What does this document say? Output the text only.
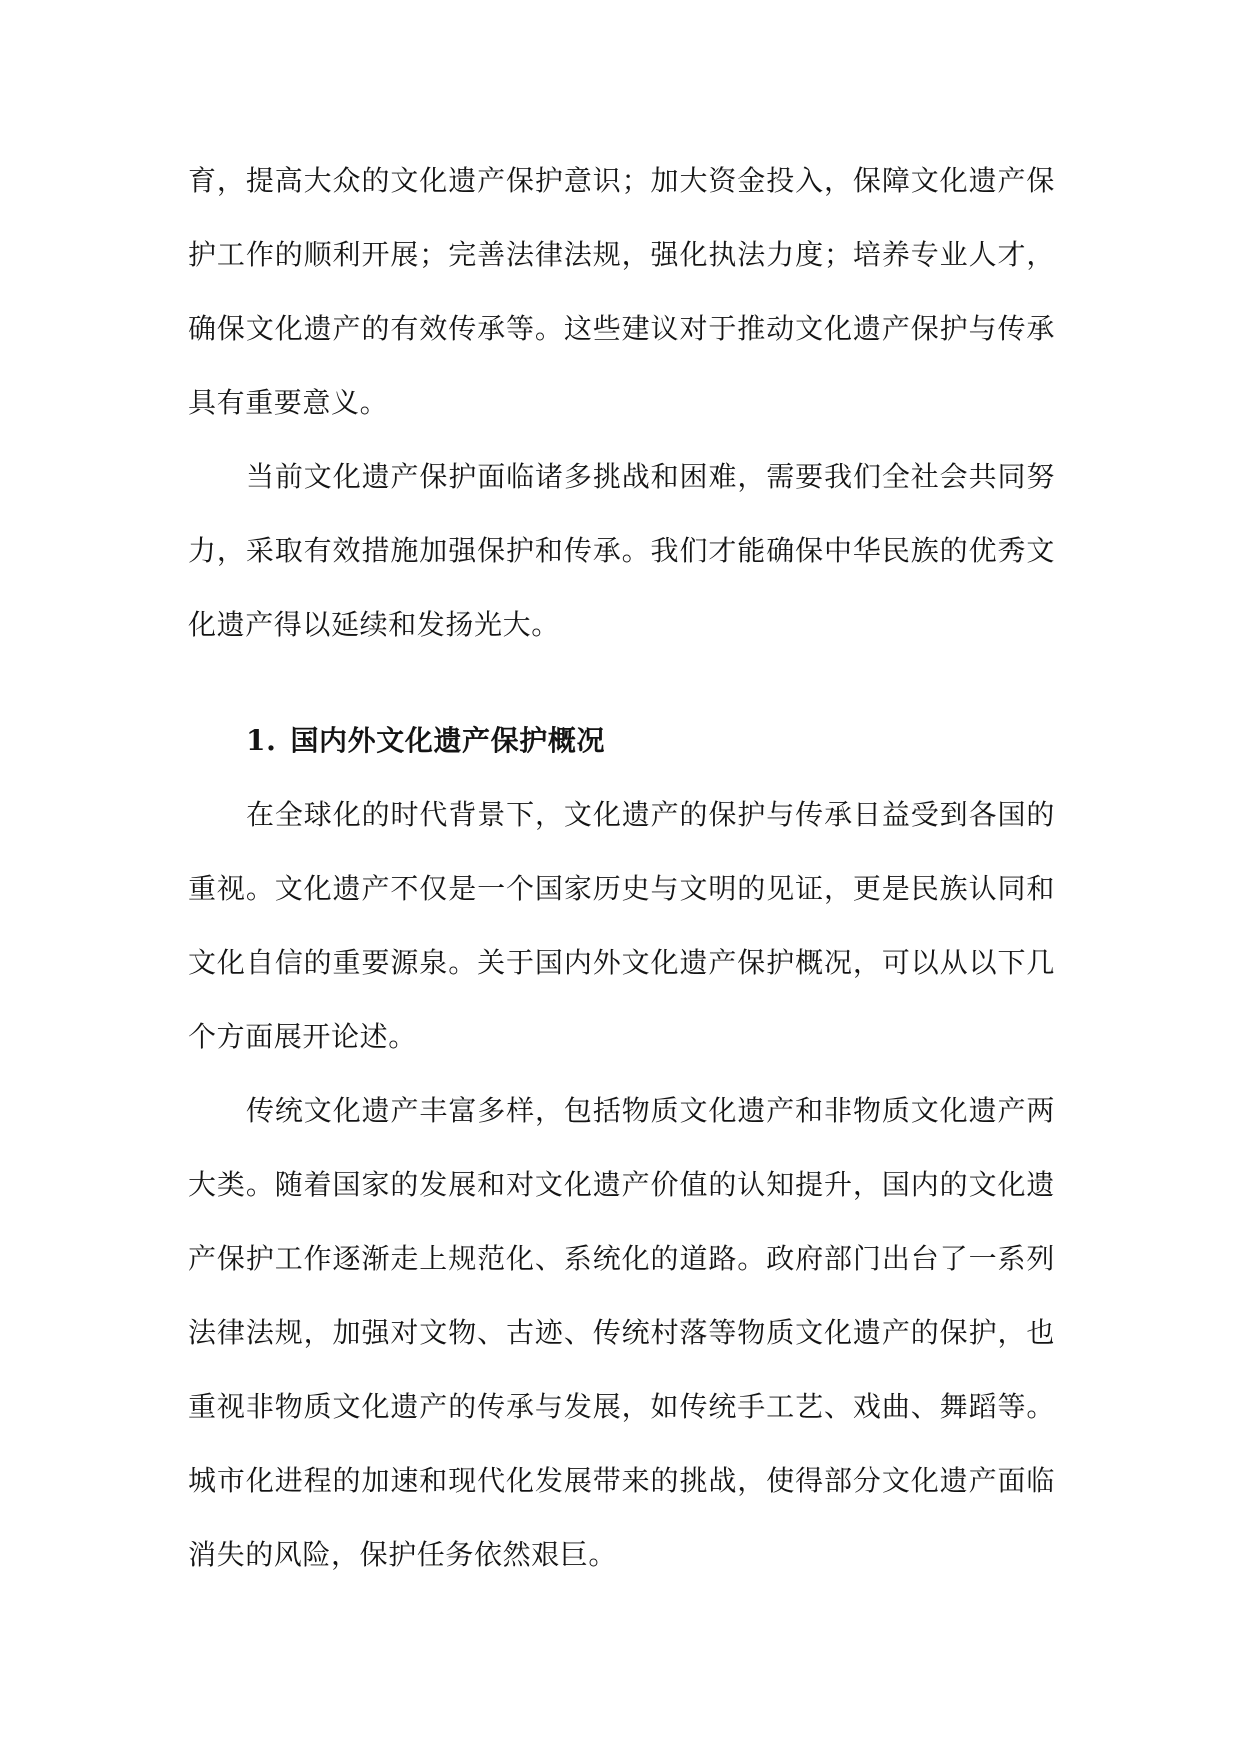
育，提高大众的文化遗产保护意识；加大资金投入，保障文化遗产保护工作的顺利开展；完善法律法规，强化执法力度；培养专业人才，确保文化遗产的有效传承等。这些建议对于推动文化遗产保护与传承具有重要意义。

当前文化遗产保护面临诸多挑战和困难，需要我们全社会共同努力，采取有效措施加强保护和传承。我们才能确保中华民族的优秀文化遗产得以延续和发扬光大。

1. 国内外文化遗产保护概况

在全球化的时代背景下，文化遗产的保护与传承日益受到各国的重视。文化遗产不仅是一个国家历史与文明的见证，更是民族认同和文化自信的重要源泉。关于国内外文化遗产保护概况，可以从以下几个方面展开论述。

传统文化遗产丰富多样，包括物质文化遗产和非物质文化遗产两大类。随着国家的发展和对文化遗产价值的认知提升，国内的文化遗产保护工作逐渐走上规范化、系统化的道路。政府部门出台了一系列法律法规，加强对文物、古迹、传统村落等物质文化遗产的保护，也重视非物质文化遗产的传承与发展，如传统手工艺、戏曲、舞蹈等。城市化进程的加速和现代化发展带来的挑战，使得部分文化遗产面临消失的风险，保护任务依然艰巨。
